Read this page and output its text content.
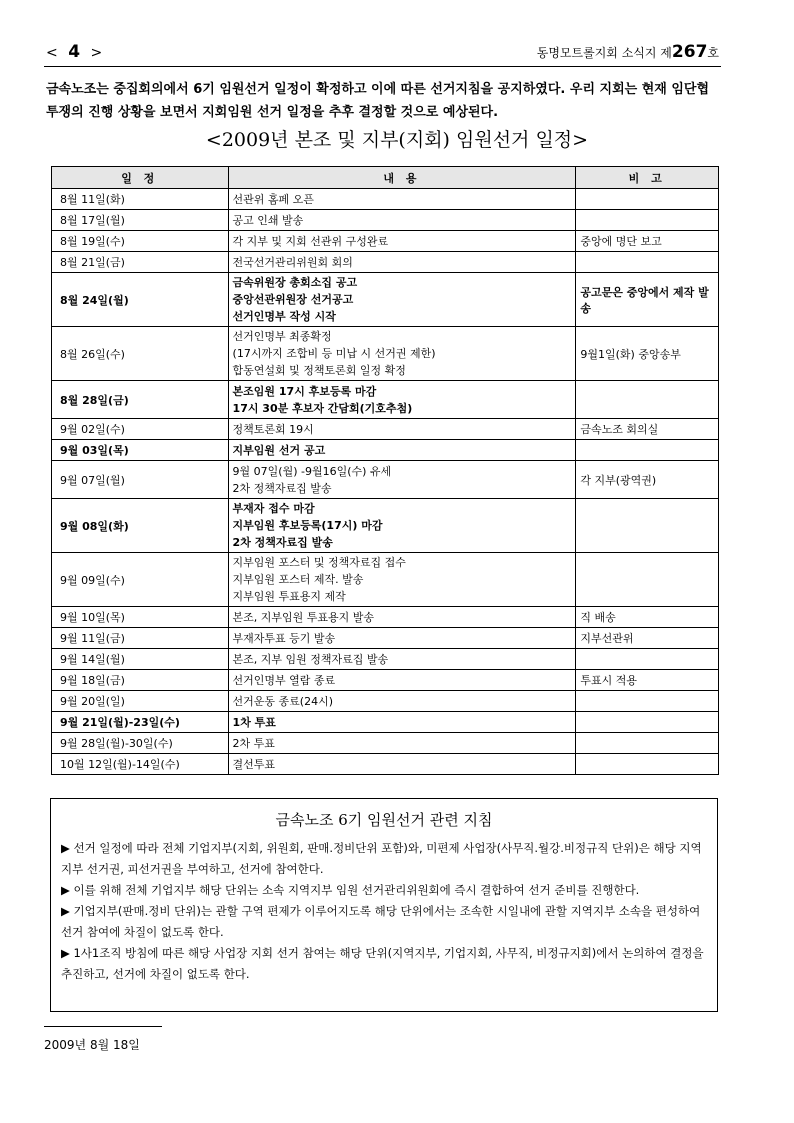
< 4 >	동명모트롤지회 소식지 제267호
금속노조는 중집회의에서 6기 임원선거 일정이 확정하고 이에 따른 선거지침을 공지하였다. 우리 지회는 현재 임단협 투쟁의 진행 상황을 보면서 지회임원 선거 일정을 추후 결정할 것으로 예상된다.
<2009년 본조 및 지부(지회) 임원선거 일정>
일 정	내 용	비 고
8월 11일(화)	선관위 홈페 오픈	

8월 17일(월)	공고 인쇄 발송	

8월 19일(수)	각 지부 및 지회 선관위 구성완료	중앙에 명단 보고
8월 21일(금)	전국선거관리위원회 회의	

8월 24일(월)	금속위원장 총회소집 공고
중앙선관위원장 선거공고
선거인명부 작성 시작	공고문은 중앙에서 제작 발송
8월 26일(수)	선거인명부 최종확정
(17시까지 조합비 등 미납 시 선거권 제한)
합동연설회 및 정책토론회 일정 확정	9월1일(화) 중앙송부
8월 28일(금)	본조임원 17시 후보등록 마감
17시 30분 후보자 간담회(기호추첨)	

9월 02일(수)	정책토론회 19시	금속노조 회의실
9월 03일(목)	지부임원 선거 공고	

9월 07일(월)	9월 07일(월) -9월16일(수) 유세
2차 정책자료집 발송	각 지부(광역권)
9월 08일(화)	부재자 접수 마감
지부임원 후보등록(17시) 마감
2차 정책자료집 발송	

9월 09일(수)	지부임원 포스터 및 정책자료집 접수
지부임원 포스터 제작. 발송
지부임원 투표용지 제작	

9월 10일(목)	본조, 지부임원 투표용지 발송	직 배송
9월 11일(금)	부재자투표 등기 발송	지부선관위
9월 14일(월)	본조, 지부 임원 정책자료집 발송	

9월 18일(금)	선거인명부 열람 종료	투표시 적용
9월 20일(일)	선거운동 종료(24시)	

9월 21일(월)-23일(수)	1차 투표	

9월 28일(월)-30일(수)	2차 투표	

10월 12일(월)-14일(수)	결선투표	

금속노조 6기 임원선거 관련 지침

▶ 선거 일정에 따라 전체 기업지부(지회, 위원회, 판매.정비단위 포함)와, 미편제 사업장(사무직.월강.비정규직 단위)은 해당 지역지부 선거권, 피선거권을 부여하고, 선거에 참여한다.

▶ 이를 위해 전체 기업지부 해당 단위는 소속 지역지부 임원 선거관리위원회에 즉시 결합하여 선거 준비를 진행한다.

▶ 기업지부(판매.정비 단위)는 관할 구역 편제가 이루어지도록 해당 단위에서는 조속한 시일내에 관할 지역지부 소속을 편성하여 선거 참여에 차질이 없도록 한다.

▶ 1사1조직 방침에 따른 해당 사업장 지회 선거 참여는 해당 단위(지역지부, 기업지회, 사무직, 비정규지회)에서 논의하여 결정을 추진하고, 선거에 차질이 없도록 한다.

2009년 8월 18일
